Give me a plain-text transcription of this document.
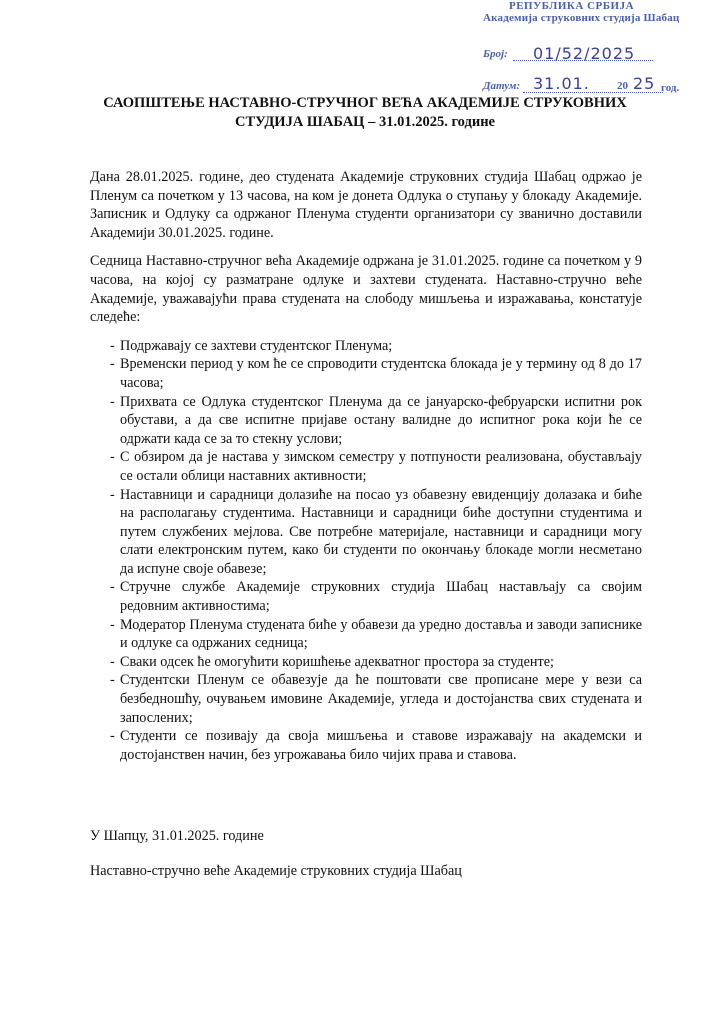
РЕПУБЛИКА СРБИЈА
Академија струковних студија Шабац
Број: 01/52/2025
Датум: 31.01. 20 25 год.
САОПШТЕЊЕ НАСТАВНО-СТРУЧНОГ ВЕЋА АКАДЕМИЈЕ СТРУКОВНИХ СТУДИЈА ШАБАЦ – 31.01.2025. године

Дана 28.01.2025. године, део студената Академије струковних студија Шабац одржао је Пленум са почетком у 13 часова, на ком је донета Одлука о ступању у блокаду Академије. Записник и Одлуку са одржаног Пленума студенти организатори су званично доставили Академији 30.01.2025. године.

Седница Наставно-стручног већа Академије одржана је 31.01.2025. године са почетком у 9 часова, на којој су разматране одлуке и захтеви студената. Наставно-стручно веће Академије, уважавајући права студената на слободу мишљења и изражавања, констатује следеће:

- Подржавају се захтеви студентског Пленума;
- Временски период у ком ће се спроводити студентска блокада је у термину од 8 до 17 часова;
- Прихвата се Одлука студентског Пленума да се јануарско-фебруарски испитни рок обустави, а да све испитне пријаве остану валидне до испитног рока који ће се одржати када се за то стекну услови;
- С обзиром да је настава у зимском семестру у потпуности реализована, обустављају се остали облици наставних активности;
- Наставници и сарадници долазиће на посао уз обавезну евиденцију долазака и биће на располагању студентима. Наставници и сарадници биће доступни студентима и путем службених мејлова. Све потребне материјале, наставници и сарадници могу слати електронским путем, како би студенти по окончању блокаде могли несметано да испуне своје обавезе;
- Стручне службе Академије струковних студија Шабац настављају са својим редовним активностима;
- Модератор Пленума студената биће у обавези да уредно доставља и заводи записнике и одлуке са одржаних седница;
- Сваки одсек ће омогућити коришћење адекватног простора за студенте;
- Студентски Пленум се обавезује да ће поштовати све прописане мере у вези са безбедношћу, очувањем имовине Академије, угледа и достојанства свих студената и запослених;
- Студенти се позивају да своја мишљења и ставове изражавају на академски и достојанствен начин, без угрожавања било чијих права и ставова.
У Шапцу, 31.01.2025. године
Наставно-стручно веће Академије струковних студија Шабац
